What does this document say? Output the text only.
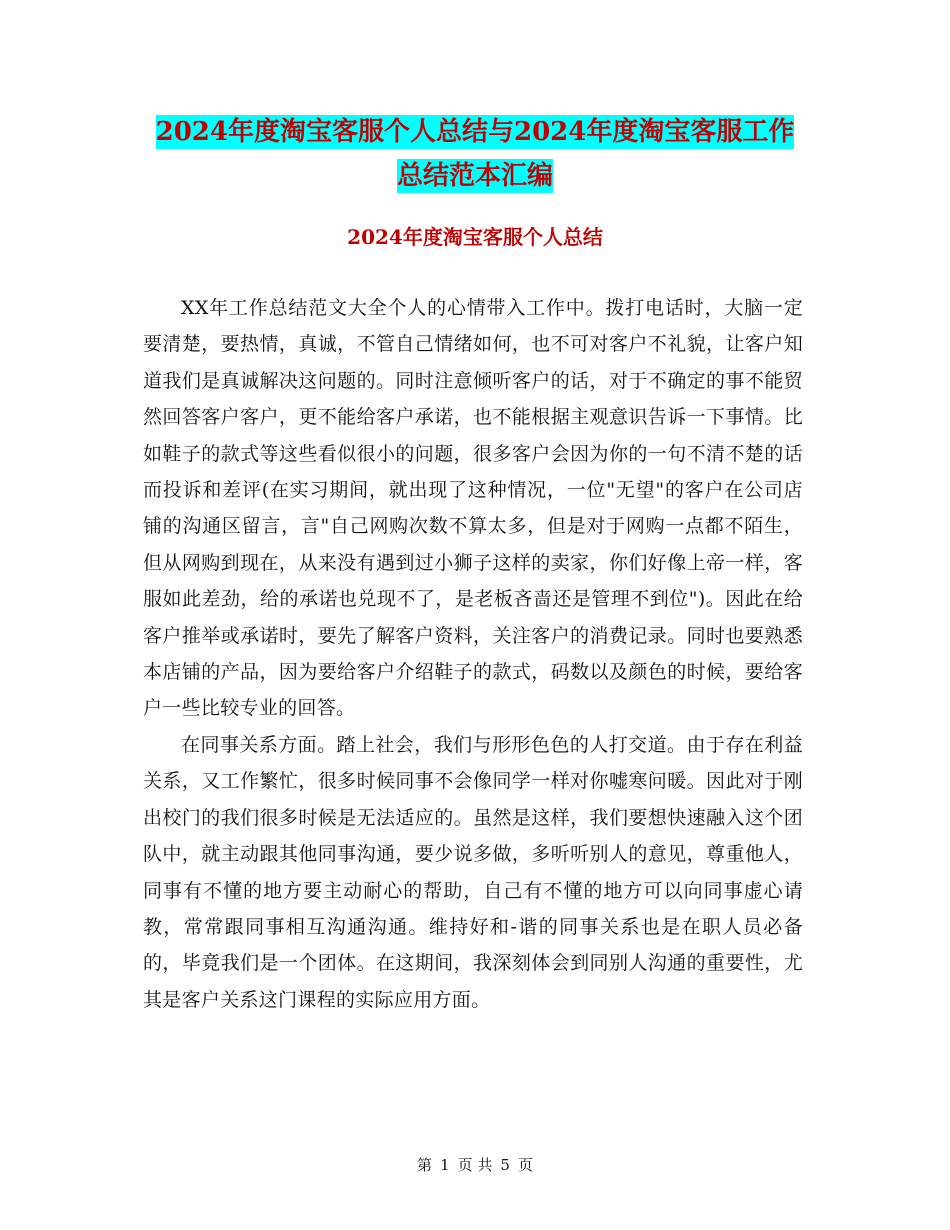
2024年度淘宝客服个人总结与2024年度淘宝客服工作
总结范本汇编
2024年度淘宝客服个人总结

XX年工作总结范文大全个人的心情带入工作中。拨打电话时，大脑一定要清楚，要热情，真诚，不管自己情绪如何，也不可对客户不礼貌，让客户知道我们是真诚解决这问题的。同时注意倾听客户的话，对于不确定的事不能贸然回答客户客户，更不能给客户承诺，也不能根据主观意识告诉一下事情。比如鞋子的款式等这些看似很小的问题，很多客户会因为你的一句不清不楚的话而投诉和差评(在实习期间，就出现了这种情况，一位"无望"的客户在公司店铺的沟通区留言，言"自己网购次数不算太多，但是对于网购一点都不陌生，但从网购到现在，从来没有遇到过小狮子这样的卖家，你们好像上帝一样，客服如此差劲，给的承诺也兑现不了，是老板吝啬还是管理不到位")。因此在给客户推举或承诺时，要先了解客户资料，关注客户的消费记录。同时也要熟悉本店铺的产品，因为要给客户介绍鞋子的款式，码数以及颜色的时候，要给客户一些比较专业的回答。

在同事关系方面。踏上社会，我们与形形色色的人打交道。由于存在利益关系，又工作繁忙，很多时候同事不会像同学一样对你嘘寒问暖。因此对于刚出校门的我们很多时候是无法适应的。虽然是这样，我们要想快速融入这个团队中，就主动跟其他同事沟通，要少说多做，多听听别人的意见，尊重他人，同事有不懂的地方要主动耐心的帮助，自己有不懂的地方可以向同事虚心请教，常常跟同事相互沟通沟通。维持好和-谐的同事关系也是在职人员必备的，毕竟我们是一个团体。在这期间，我深刻体会到同别人沟通的重要性，尤其是客户关系这门课程的实际应用方面。

第 1 页 共 5 页
